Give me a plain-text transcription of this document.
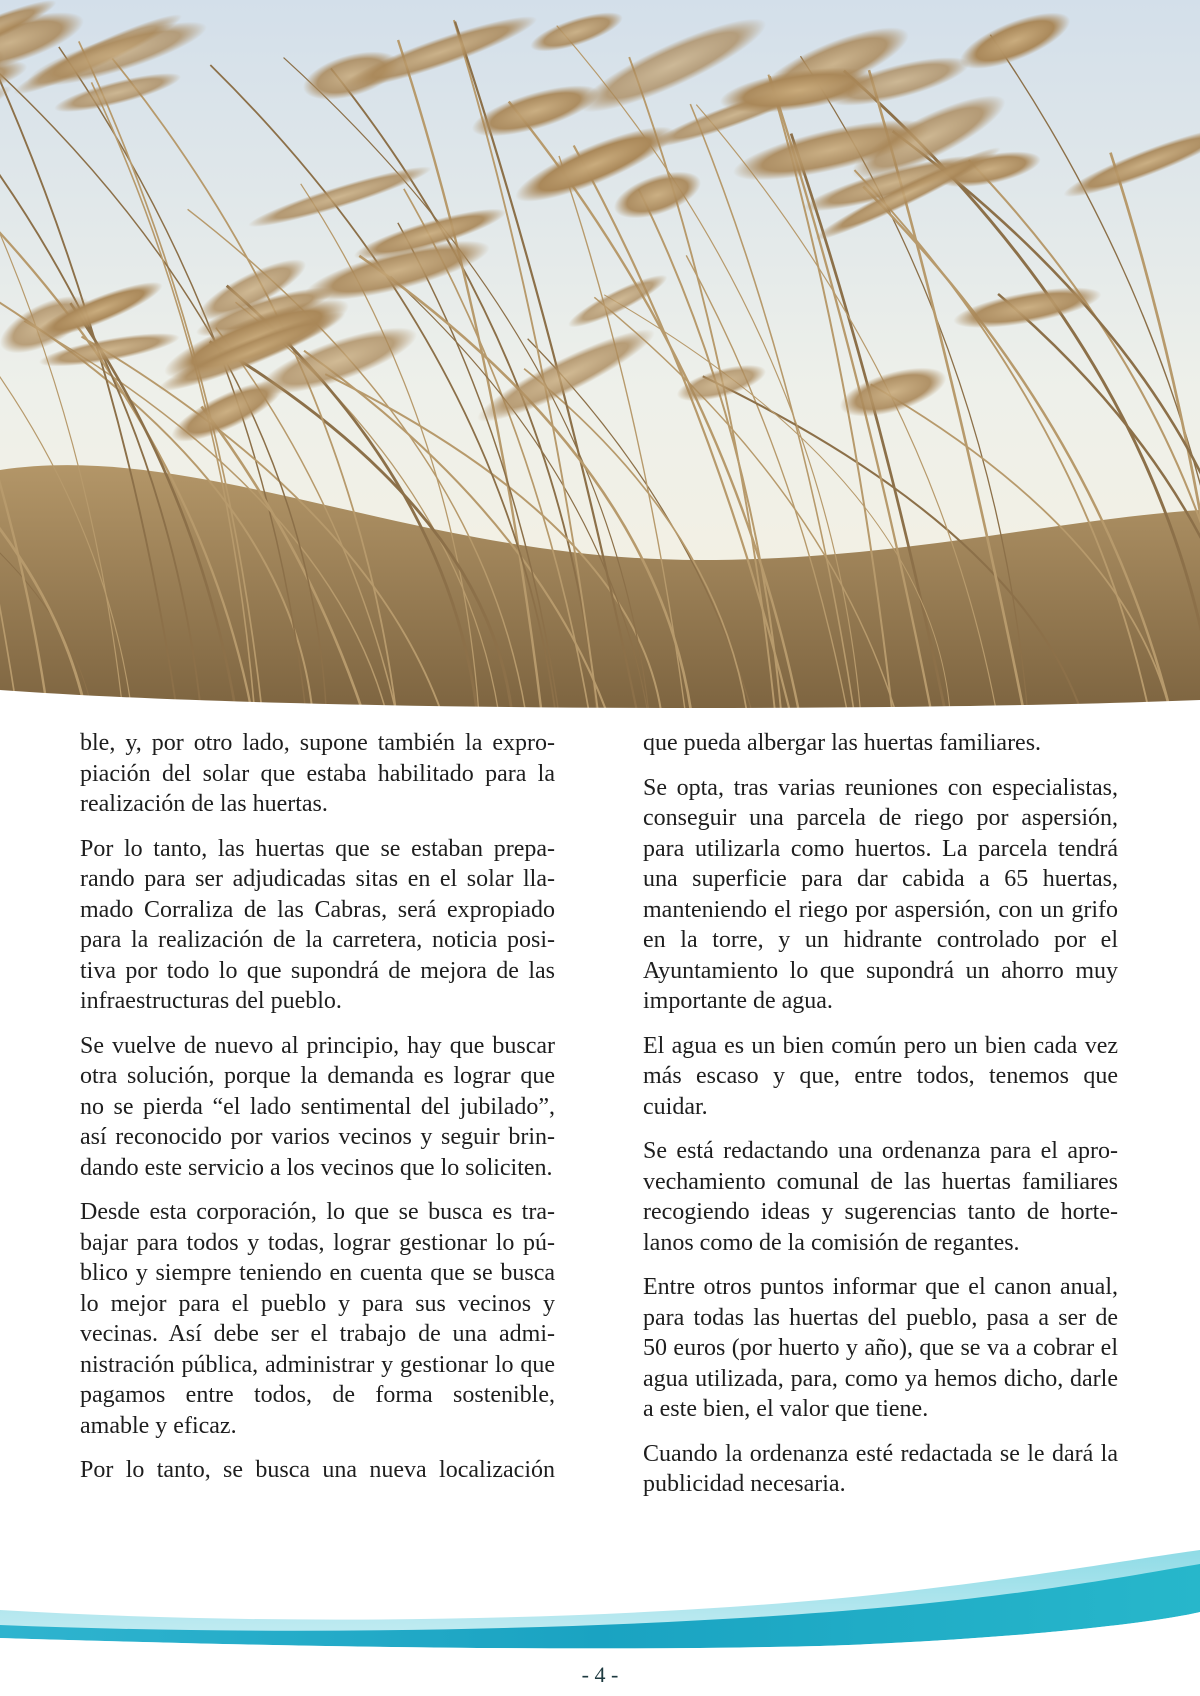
ble, y, por otro lado, supone también la expropiación del solar que estaba habilitado para la realización de las huertas.

Por lo tanto, las huertas que se estaban preparando para ser adjudicadas sitas en el solar llamado Corraliza de las Cabras, será expropiado para la realización de la carretera, noticia positiva por todo lo que supondrá de mejora de las infraestructuras del pueblo.

Se vuelve de nuevo al principio, hay que buscar otra solución, porque la demanda es lograr que no se pierda “el lado sentimental del jubilado”, así reconocido por varios vecinos y seguir brindando este servicio a los vecinos que lo soliciten.

Desde esta corporación, lo que se busca es trabajar para todos y todas, lograr gestionar lo público y siempre teniendo en cuenta que se busca lo mejor para el pueblo y para sus vecinos y vecinas. Así debe ser el trabajo de una administración pública, administrar y gestionar lo que pagamos entre todos, de forma sostenible, amable y eficaz.

Por lo tanto, se busca una nueva localización

que pueda albergar las huertas familiares.

Se opta, tras varias reuniones con especialistas, conseguir una parcela de riego por aspersión, para utilizarla como huertos. La parcela tendrá una superficie para dar cabida a 65 huertas, manteniendo el riego por aspersión, con un grifo en la torre, y un hidrante controlado por el Ayuntamiento lo que supondrá un ahorro muy importante de agua.

El agua es un bien común pero un bien cada vez más escaso y que, entre todos, tenemos que cuidar.

Se está redactando una ordenanza para el aprovechamiento comunal de las huertas familiares recogiendo ideas y sugerencias tanto de hortelanos como de la comisión de regantes.

Entre otros puntos informar que el canon anual, para todas las huertas del pueblo, pasa a ser de 50 euros (por huerto y año), que se va a cobrar el agua utilizada, para, como ya hemos dicho, darle a este bien, el valor que tiene.

Cuando la ordenanza esté redactada se le dará la publicidad necesaria.

- 4 -
